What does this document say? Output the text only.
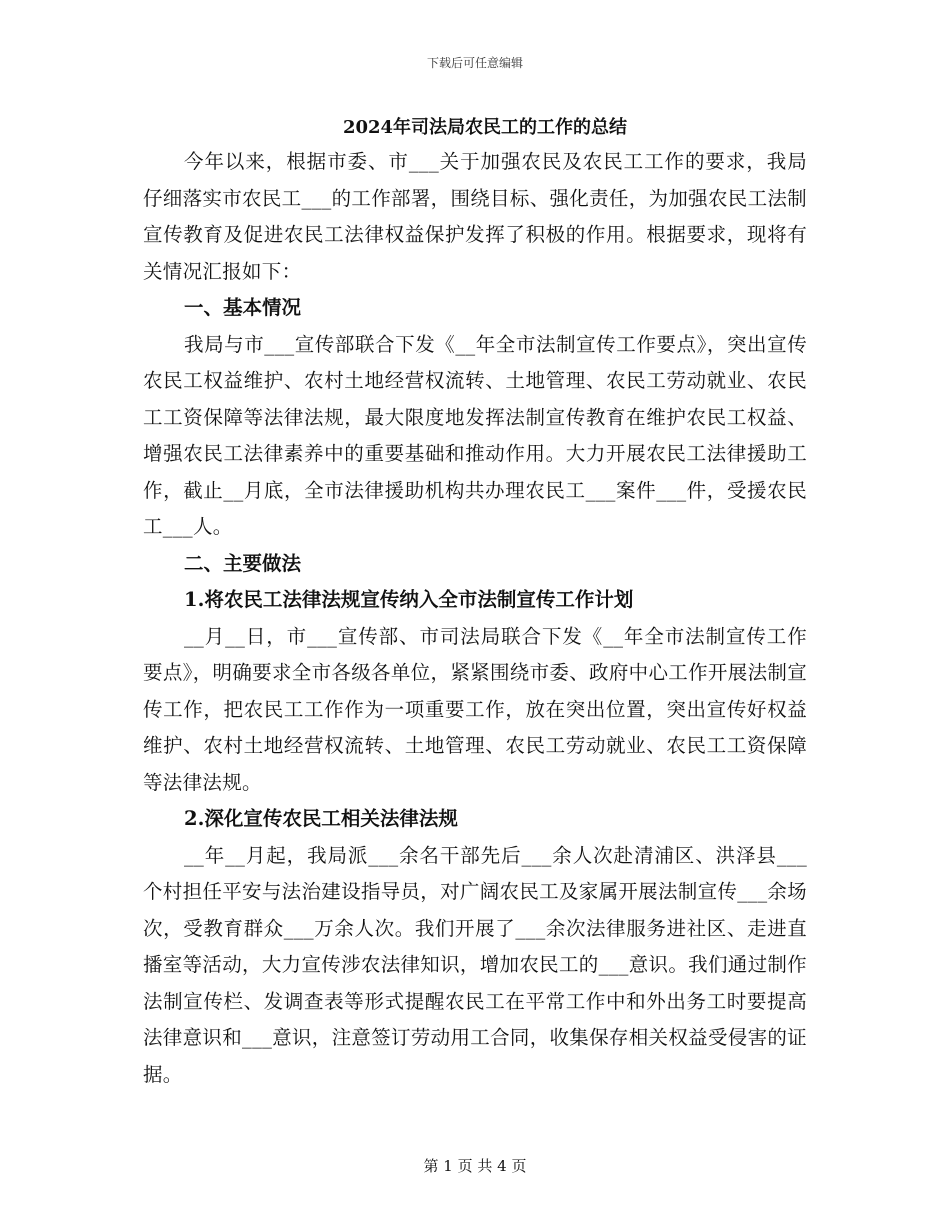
下载后可任意编辑
2024年司法局农民工的工作的总结

今年以来，根据市委、市___关于加强农民及农民工工作的要求，我局仔细落实市农民工___的工作部署，围绕目标、强化责任，为加强农民工法制宣传教育及促进农民工法律权益保护发挥了积极的作用。根据要求，现将有关情况汇报如下：

一、基本情况

我局与市___宣传部联合下发《__年全市法制宣传工作要点》，突出宣传农民工权益维护、农村土地经营权流转、土地管理、农民工劳动就业、农民工工资保障等法律法规，最大限度地发挥法制宣传教育在维护农民工权益、增强农民工法律素养中的重要基础和推动作用。大力开展农民工法律援助工作，截止__月底，全市法律援助机构共办理农民工___案件___件，受援农民工___人。

二、主要做法
1.将农民工法律法规宣传纳入全市法制宣传工作计划

__月__日，市___宣传部、市司法局联合下发《__年全市法制宣传工作要点》，明确要求全市各级各单位，紧紧围绕市委、政府中心工作开展法制宣传工作，把农民工工作作为一项重要工作，放在突出位置，突出宣传好权益维护、农村土地经营权流转、土地管理、农民工劳动就业、农民工工资保障等法律法规。

2.深化宣传农民工相关法律法规

__年__月起，我局派___余名干部先后___余人次赴清浦区、洪泽县___个村担任平安与法治建设指导员，对广阔农民工及家属开展法制宣传___余场次，受教育群众___万余人次。我们开展了___余次法律服务进社区、走进直播室等活动，大力宣传涉农法律知识，增加农民工的___意识。我们通过制作法制宣传栏、发调查表等形式提醒农民工在平常工作中和外出务工时要提高法律意识和___意识，注意签订劳动用工合同，收集保存相关权益受侵害的证据。

第 1 页 共 4 页
